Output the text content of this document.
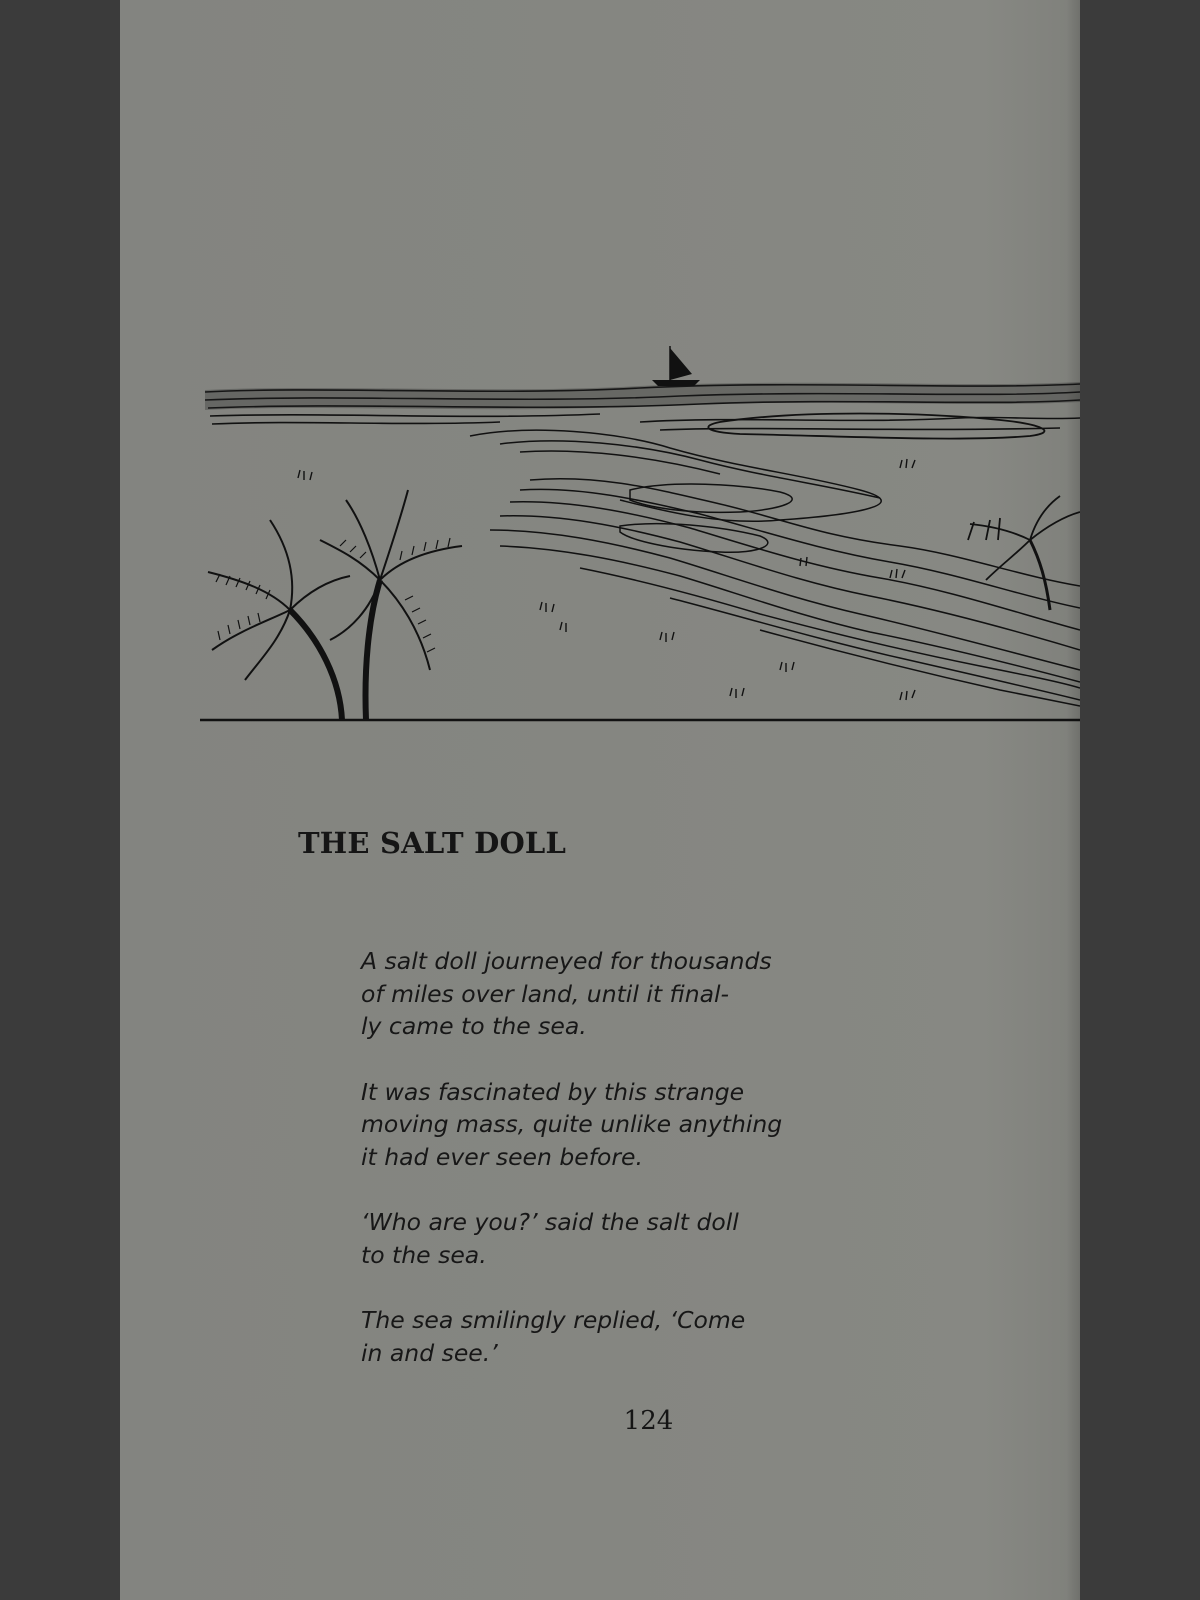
THE SALT DOLL

A salt doll journeyed for thousands
of miles over land, until it final-
ly came to the sea.

It was fascinated by this strange
moving mass, quite unlike anything
it had ever seen before.

‘Who are you?’ said the salt doll
to the sea.

The sea smilingly replied, ‘Come
in and see.’

124
